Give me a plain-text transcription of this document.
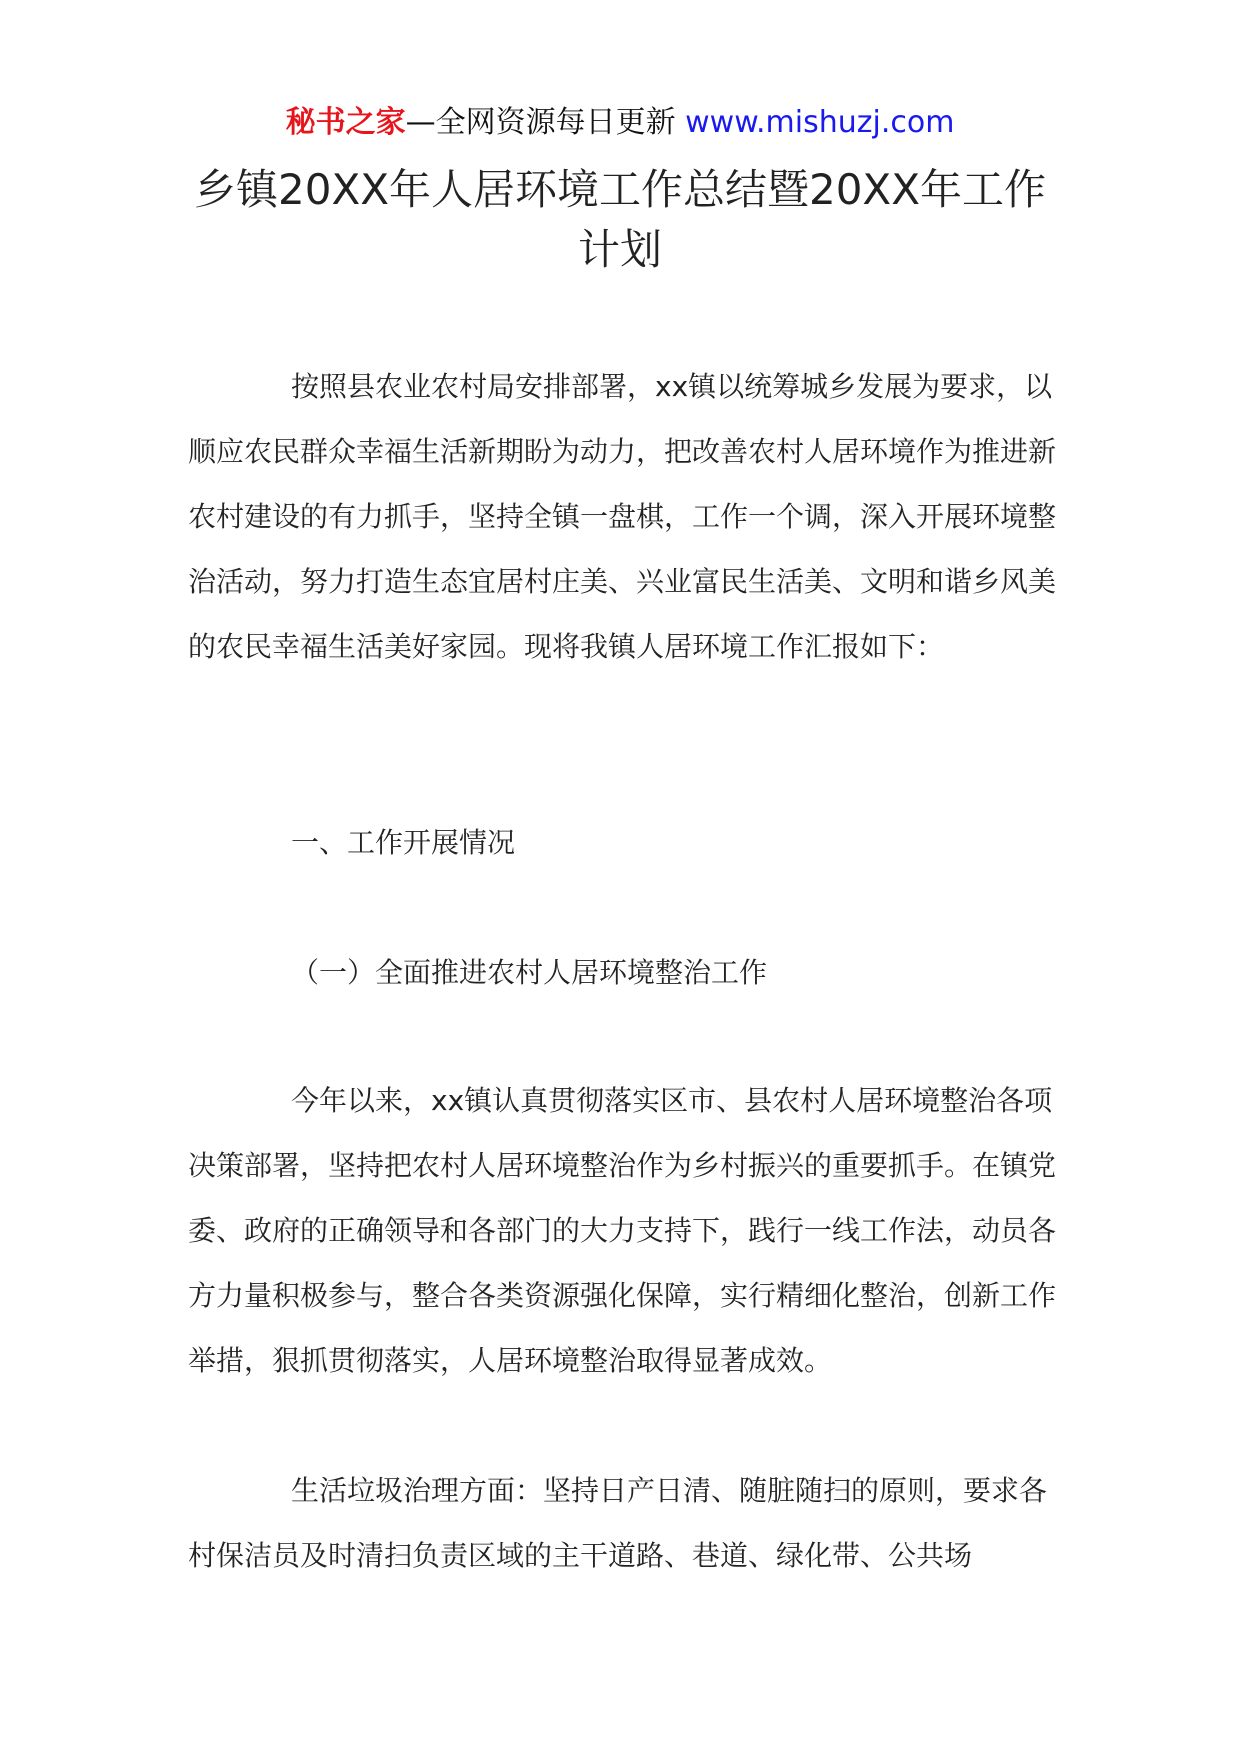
秘书之家—全网资源每日更新 www.mishuzj.com
乡镇20XX年人居环境工作总结暨20XX年工作计划

按照县农业农村局安排部署，xx镇以统筹城乡发展为要求，以顺应农民群众幸福生活新期盼为动力，把改善农村人居环境作为推进新农村建设的有力抓手，坚持全镇一盘棋，工作一个调，深入开展环境整治活动，努力打造生态宜居村庄美、兴业富民生活美、文明和谐乡风美的农民幸福生活美好家园。现将我镇人居环境工作汇报如下：

一、工作开展情况

（一）全面推进农村人居环境整治工作

今年以来，xx镇认真贯彻落实区市、县农村人居环境整治各项决策部署，坚持把农村人居环境整治作为乡村振兴的重要抓手。在镇党委、政府的正确领导和各部门的大力支持下，践行一线工作法，动员各方力量积极参与，整合各类资源强化保障，实行精细化整治，创新工作举措，狠抓贯彻落实，人居环境整治取得显著成效。

生活垃圾治理方面：坚持日产日清、随脏随扫的原则，要求各村保洁员及时清扫负责区域的主干道路、巷道、绿化带、公共场
